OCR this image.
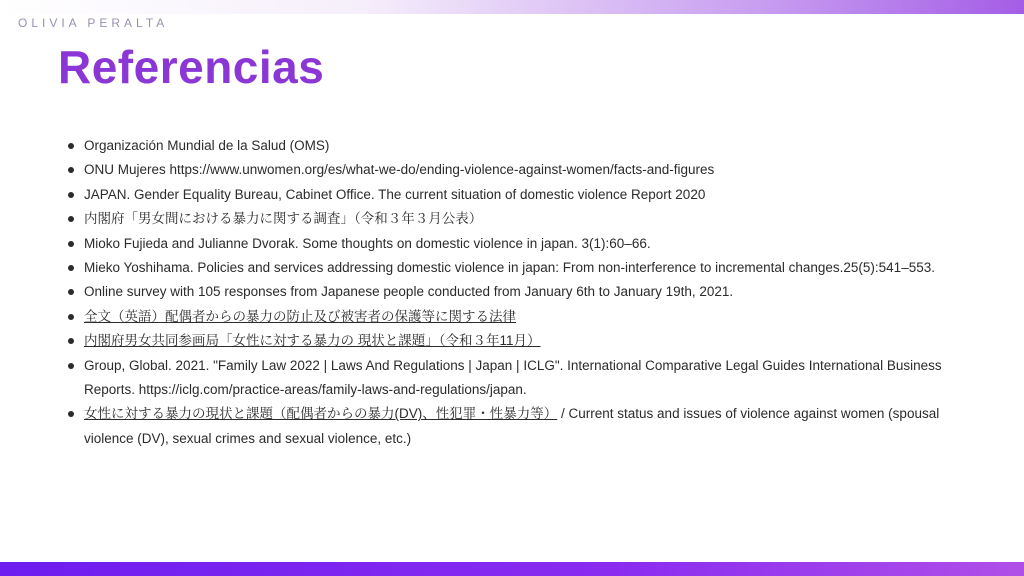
OLIVIA PERALTA
Referencias
Organización Mundial de la Salud (OMS)
ONU Mujeres https://www.unwomen.org/es/what-we-do/ending-violence-against-women/facts-and-figures
JAPAN. Gender Equality Bureau, Cabinet Office. The current situation of domestic violence Report 2020
内閣府「男女間における暴力に関する調査」（令和３年３月公表）
Mioko Fujieda and Julianne Dvorak. Some thoughts on domestic violence in japan. 3(1):60–66.
Mieko Yoshihama. Policies and services addressing domestic violence in japan: From non-interference to incremental changes.25(5):541–553.
Online survey with 105 responses from Japanese people conducted from January 6th to January 19th, 2021.
全文（英語）配偶者からの暴力の防止及び被害者の保護等に関する法律
内閣府男女共同参画局「女性に対する暴力の 現状と課題」（令和３年11月）
Group, Global. 2021. "Family Law 2022 | Laws And Regulations | Japan | ICLG". International Comparative Legal Guides International Business Reports. https://iclg.com/practice-areas/family-laws-and-regulations/japan.
女性に対する暴力の現状と課題（配偶者からの暴力(DV)、性犯罪・性暴力等） / Current status and issues of violence against women (spousal violence (DV), sexual crimes and sexual violence, etc.)
